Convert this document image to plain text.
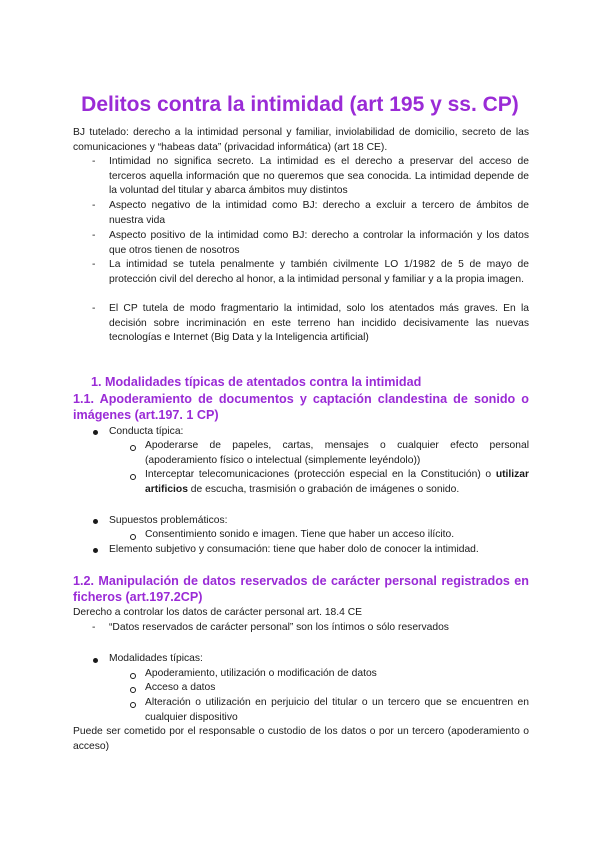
Delitos contra la intimidad (art 195 y ss. CP)

BJ tutelado: derecho a la intimidad personal y familiar, inviolabilidad de domicilio, secreto de las comunicaciones y “habeas data” (privacidad informática) (art 18 CE).

- Intimidad no significa secreto. La intimidad es el derecho a preservar del acceso de terceros aquella información que no queremos que sea conocida. La intimidad depende de la voluntad del titular y abarca ámbitos muy distintos

- Aspecto negativo de la intimidad como BJ: derecho a excluir a tercero de ámbitos de nuestra vida

- Aspecto positivo de la intimidad como BJ: derecho a controlar la información y los datos que otros tienen de nosotros

- La intimidad se tutela penalmente y también civilmente LO 1/1982 de 5 de mayo de protección civil del derecho al honor, a la intimidad personal y familiar y a la propia imagen.

- El CP tutela de modo fragmentario la intimidad, solo los atentados más graves. En la decisión sobre incriminación en este terreno han incidido decisivamente las nuevas tecnologías e Internet (Big Data y la Inteligencia artificial)

1. Modalidades típicas de atentados contra la intimidad

1.1. Apoderamiento de documentos y captación clandestina de sonido o imágenes (art.197. 1 CP)

Conducta típica:

Apoderarse de papeles, cartas, mensajes o cualquier efecto personal (apoderamiento físico o intelectual (simplemente leyéndolo))

Interceptar telecomunicaciones (protección especial en la Constitución) o utilizar artificios de escucha, trasmisión o grabación de imágenes o sonido.

Supuestos problemáticos:

Consentimiento sonido e imagen. Tiene que haber un acceso ilícito.

Elemento subjetivo y consumación: tiene que haber dolo de conocer la intimidad.

1.2. Manipulación de datos reservados de carácter personal registrados en ficheros (art.197.2CP)

Derecho a controlar los datos de carácter personal art. 18.4 CE

- “Datos reservados de carácter personal” son los íntimos o sólo reservados

Modalidades típicas:

Apoderamiento, utilización o modificación de datos

Acceso a datos

Alteración o utilización en perjuicio del titular o un tercero que se encuentren en cualquier dispositivo

Puede ser cometido por el responsable o custodio de los datos o por un tercero (apoderamiento o acceso)
